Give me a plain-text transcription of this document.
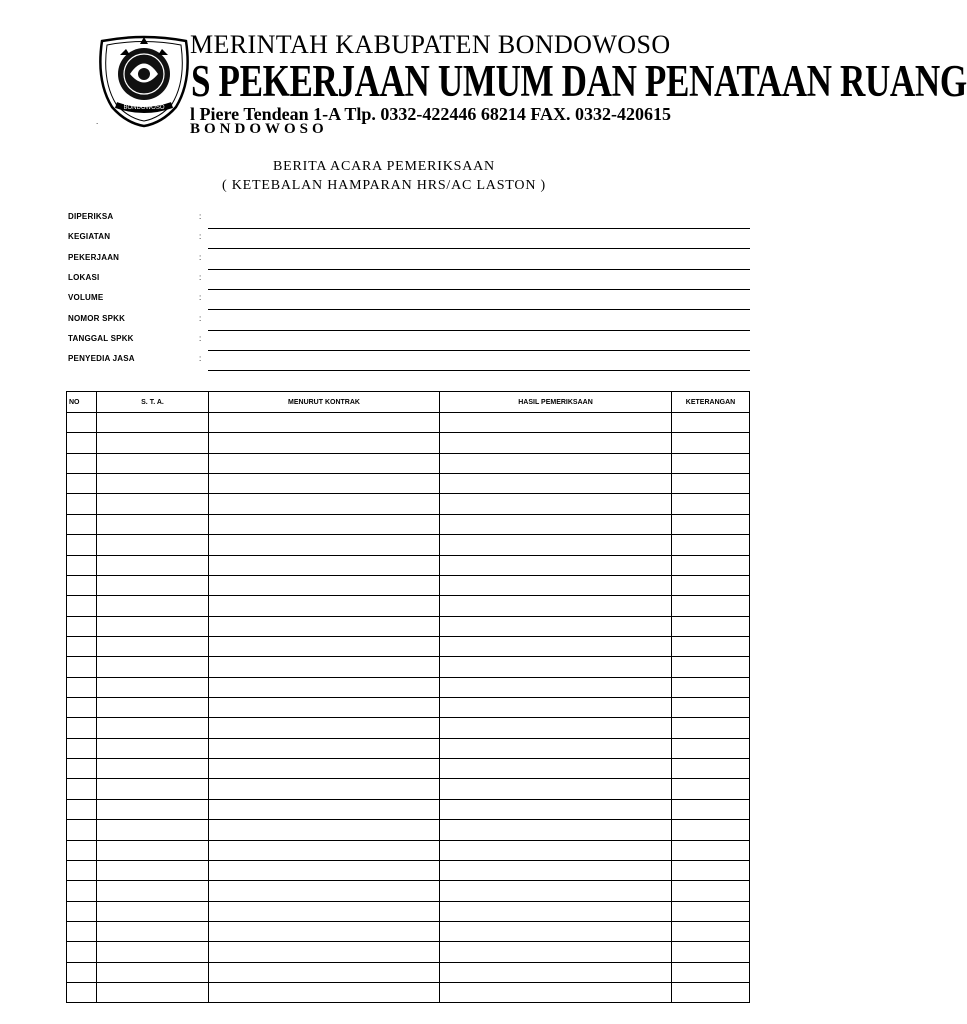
BONDOWOSO
MERINTAH KABUPATEN BONDOWOSO
S PEKERJAAN UMUM DAN PENATAAN RUANG
l Piere Tendean 1-A Tlp. 0332-422446 68214 FAX. 0332-420615
BONDOWOSO
.
BERITA ACARA PEMERIKSAAN
( KETEBALAN HAMPARAN HRS/AC LASTON )
DIPERIKSA	:
KEGIATAN	:
PEKERJAAN	:
LOKASI	:
VOLUME	:
NOMOR SPKK	:
TANGGAL SPKK	:
PENYEDIA JASA	:
NO	S. T. A.	MENURUT KONTRAK	HASIL PEMERIKSAAN	KETERANGAN
